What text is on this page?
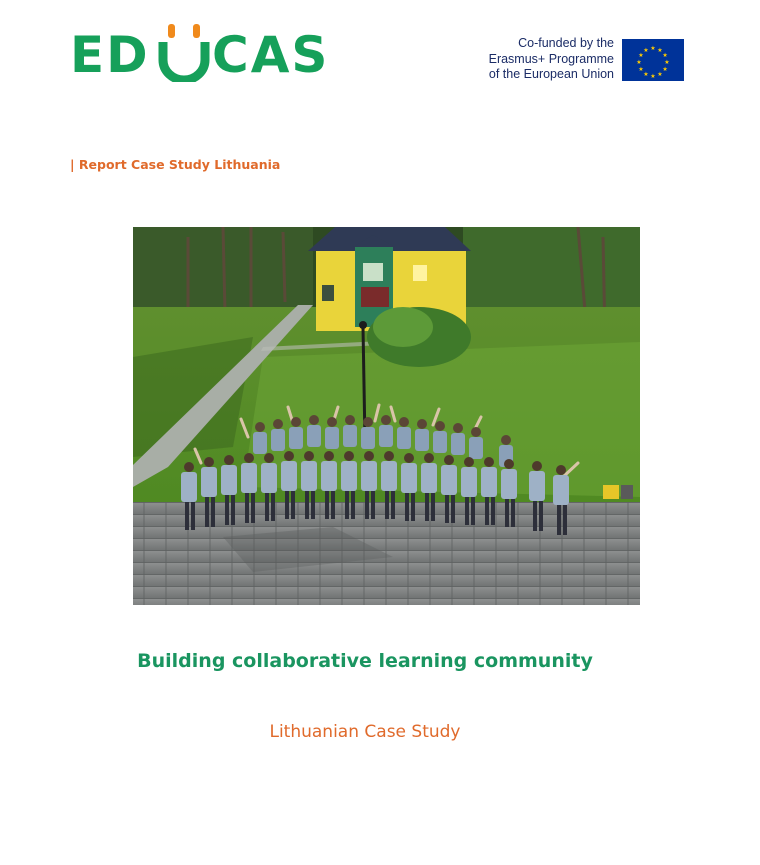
ED CAS	Co-funded by the
Erasmus+ Programme
of the European Union
★ ★
★
★
★
★
★
★
★
★
★
★
| Report Case Study Lithuania
Building collaborative learning community
Lithuanian Case Study
